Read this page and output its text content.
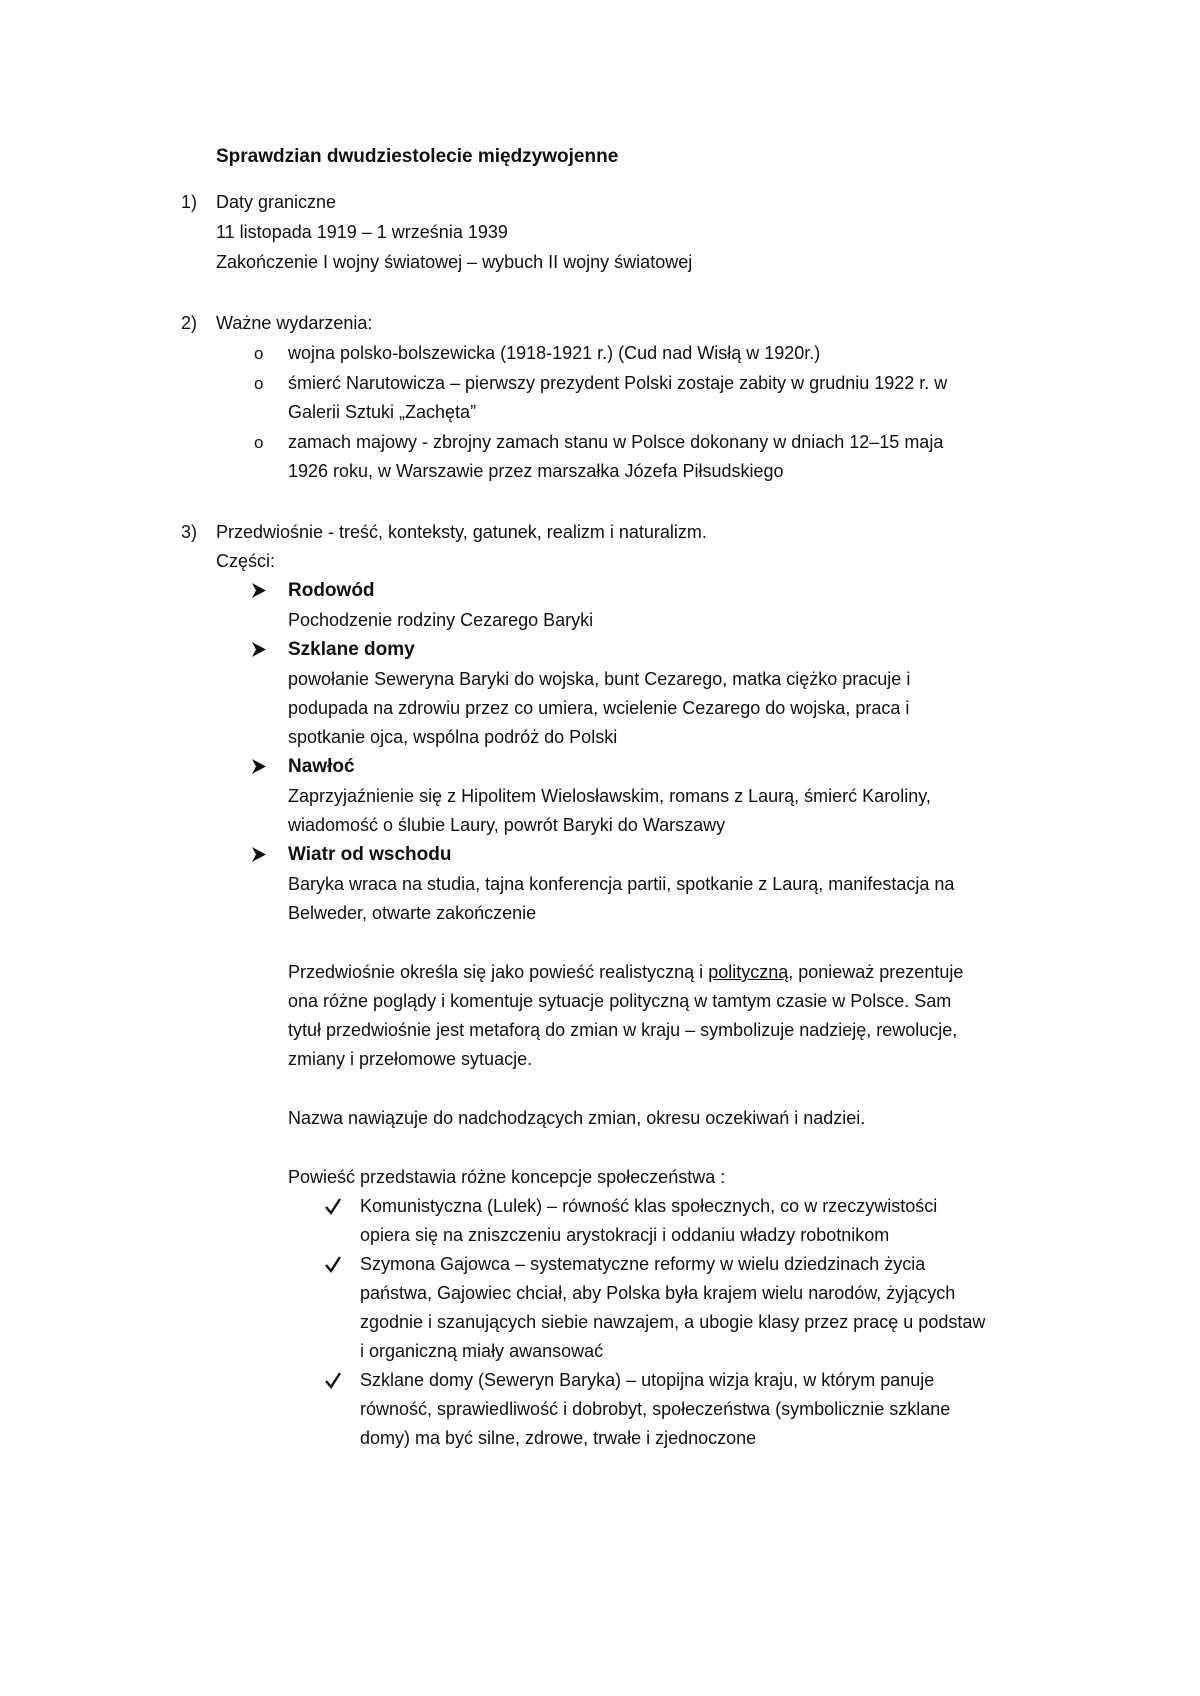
Sprawdzian dwudziestolecie międzywojenne
1) Daty graniczne
11 listopada 1919 – 1 września 1939
Zakończenie I wojny światowej – wybuch II wojny światowej
2) Ważne wydarzenia:
o wojna polsko-bolszewicka (1918-1921 r.) (Cud nad Wisłą w 1920r.)
o śmierć Narutowicza – pierwszy prezydent Polski zostaje zabity w grudniu 1922 r. w
Galerii Sztuki „Zachęta”
o zamach majowy - zbrojny zamach stanu w Polsce dokonany w dniach 12–15 maja
1926 roku, w Warszawie przez marszałka Józefa Piłsudskiego
3) Przedwiośnie - treść, konteksty, gatunek, realizm i naturalizm.
Części:
Rodowód
Pochodzenie rodziny Cezarego Baryki
Szklane domy
powołanie Seweryna Baryki do wojska, bunt Cezarego, matka ciężko pracuje i
podupada na zdrowiu przez co umiera, wcielenie Cezarego do wojska, praca i
spotkanie ojca, wspólna podróż do Polski
Nawłoć
Zaprzyjaźnienie się z Hipolitem Wielosławskim, romans z Laurą, śmierć Karoliny,
wiadomość o ślubie Laury, powrót Baryki do Warszawy
Wiatr od wschodu
Baryka wraca na studia, tajna konferencja partii, spotkanie z Laurą, manifestacja na
Belweder, otwarte zakończenie
Przedwiośnie określa się jako powieść realistyczną i polityczną, ponieważ prezentuje
ona różne poglądy i komentuje sytuacje polityczną w tamtym czasie w Polsce. Sam
tytuł przedwiośnie jest metaforą do zmian w kraju – symbolizuje nadzieję, rewolucje,
zmiany i przełomowe sytuacje.
Nazwa nawiązuje do nadchodzących zmian, okresu oczekiwań i nadziei.
Powieść przedstawia różne koncepcje społeczeństwa :
Komunistyczna (Lulek) – równość klas społecznych, co w rzeczywistości
opiera się na zniszczeniu arystokracji i oddaniu władzy robotnikom
Szymona Gajowca – systematyczne reformy w wielu dziedzinach życia
państwa, Gajowiec chciał, aby Polska była krajem wielu narodów, żyjących
zgodnie i szanujących siebie nawzajem, a ubogie klasy przez pracę u podstaw
i organiczną miały awansować
Szklane domy (Seweryn Baryka) – utopijna wizja kraju, w którym panuje
równość, sprawiedliwość i dobrobyt, społeczeństwa (symbolicznie szklane
domy) ma być silne, zdrowe, trwałe i zjednoczone
